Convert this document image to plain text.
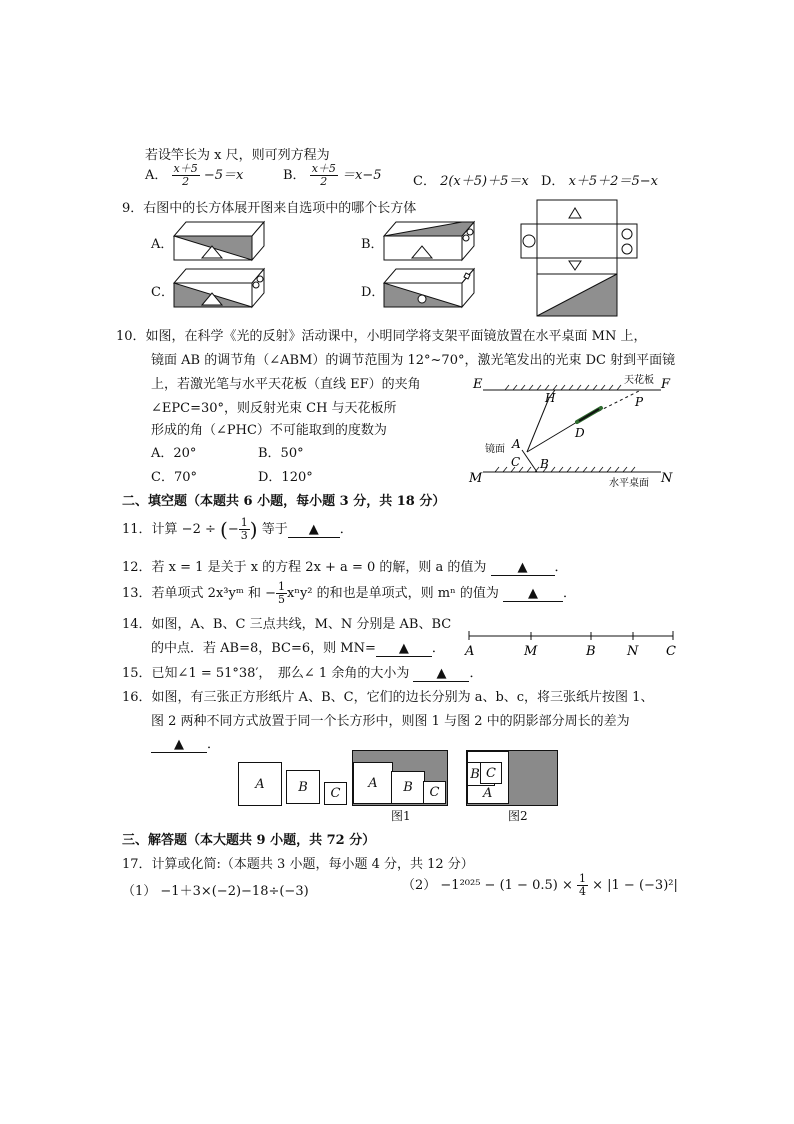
若设竿长为 x 尺，则可列方程为
A． $\frac{x+5}{2} -5=x$	B． $\frac{x+5}{2} =x-5$ C． 2(x＋5)＋5＝x D． x＋5＋2＝5−x
9．右图中的长方体展开图来自选项中的哪个长方体
A．	B．
C．	D．
10．如图，在科学《光的反射》活动课中，小明同学将支架平面镜放置在水平桌面 MN 上，
镜面 AB 的调节角（∠ABM）的调节范围为 12°~70°，激光笔发出的光束 DC 射到平面镜
上，若激光笔与水平天花板（直线 EF）的夹角
∠EPC=30°，则反射光束 CH 与天花板所
形成的角（∠PHC）不可能取到的度数为
A．20°	B．50°
C．70°	D．120°
E	F
天花板
H	P
D
A
镜面
C B
M	N
水平桌面
二、填空题（本题共 6 小题，每小题 3 分，共 18 分）
11．计算 −2 ÷ (− $\frac{1}{3}$ ) 等于 ▲ ．
12．若 x = 1 是关于 x 的方程 2x + a = 0 的解，则 a 的值为 ▲ ．
13．若单项式 2x³yᵐ 和 − $\frac{1}{5} x^ny^2$ 的和也是单项式，则 mⁿ 的值为 ▲ ．
14．如图，A、B、C 三点共线，M、N 分别是 AB、BC
的中点．若 AB=8，BC=6，则 MN= ▲ ． A	M	B N C
15．已知∠1 = 51°38′，　那么∠ 1 余角的大小为 ▲ ．
16．如图，有三张正方形纸片 A、B、C，它们的边长分别为 a、b、c，将三张纸片按图 1、
图 2 两种不同方式放置于同一个长方形中，则图 1 与图 2 中的阴影部分周长的差为
▲ ．
A	B	C
A	B	C
图1
A
B C
图2
三、解答题（本大题共 9 小题，共 72 分）
17．计算或化简:（本题共 3 小题，每小题 4 分，共 12 分）
（1） −1＋3×(−2)−18÷(−3)	$(2) -1^{2025} - (1 - 0.5) \times \frac{1}{4} \times |1 - (-3)^2|$
